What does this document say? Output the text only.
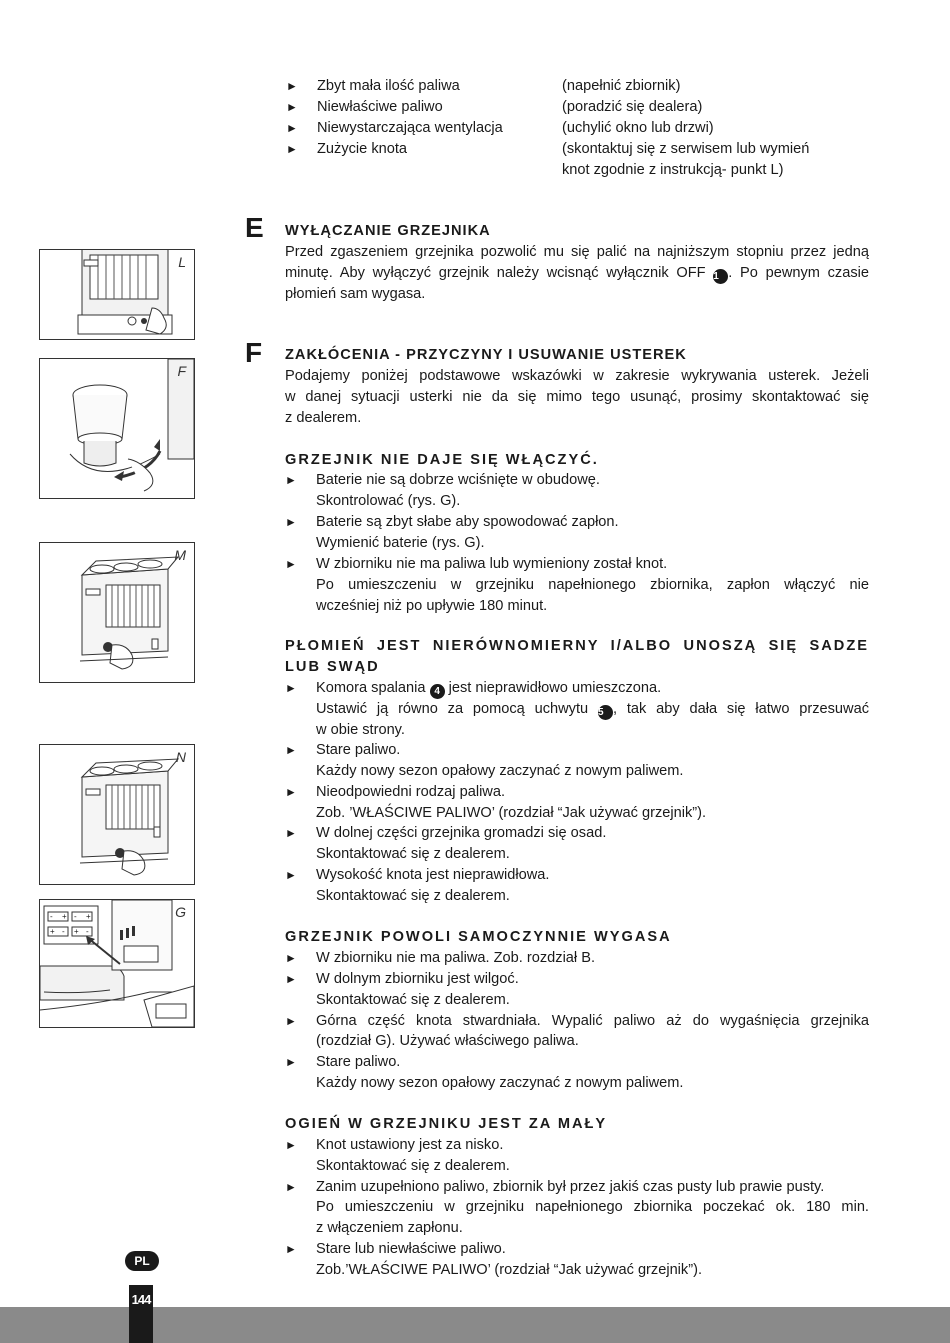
► Zbyt mała ilość paliwa	(napełnić zbiornik)
► Niewłaściwe paliwo	(poradzić się dealera)
► Niewystarczająca wentylacja	(uchylić okno lub drzwi)
► Zużycie knota	(skontaktuj się z serwisem lub wymień
knot zgodnie z instrukcją- punkt L)
E
F
WYŁĄCZANIE GRZEJNIKA
Przed zgaszeniem grzejnika pozwolić mu się palić na najniższym stopniu przez jedną
minutę. Aby wyłączyć grzejnik należy wcisnąć wyłącznik OFF 1 . Po pewnym czasie
płomień sam wygasa.
ZAKŁÓCENIA - PRZYCZYNY I USUWANIE USTEREK
Podajemy poniżej podstawowe wskazówki w zakresie wykrywania usterek. Jeżeli
w danej sytuacji usterki nie da się mimo tego usunąć, prosimy skontaktować się
z dealerem.
GRZEJNIK NIE DAJE SIĘ WŁĄCZYĆ.
► Baterie nie są dobrze wciśnięte w obudowę.
Skontrolować (rys. G).
► Baterie są zbyt słabe aby spowodować zapłon.
Wymienić baterie (rys. G).
► W zbiorniku nie ma paliwa lub wymieniony został knot.
Po umieszczeniu w grzejniku napełnionego zbiornika, zapłon włączyć nie
wcześniej niż po upływie 180 minut.
PŁOMIEŃ JEST NIERÓWNOMIERNY I/ALBO UNOSZĄ SIĘ SADZE
LUB SWĄD
► Komora spalania 4 jest nieprawidłowo umieszczona.
Ustawić ją równo za pomocą uchwytu 5 , tak aby dała się łatwo przesuwać
w obie strony.
► Stare paliwo.
Każdy nowy sezon opałowy zaczynać z nowym paliwem.
► Nieodpowiedni rodzaj paliwa.
Zob. ’WŁAŚCIWE PALIWO’ (rozdział “Jak używać grzejnik”).
► W dolnej części grzejnika gromadzi się osad.
Skontaktować się z dealerem.
► Wysokość knota jest nieprawidłowa.
Skontaktować się z dealerem.
GRZEJNIK POWOLI SAMOCZYNNIE WYGASA
► W zbiorniku nie ma paliwa. Zob. rozdział B.
► W dolnym zbiorniku jest wilgoć.
Skontaktować się z dealerem.
► Górna część knota stwardniała. Wypalić paliwo aż do wygaśnięcia grzejnika
(rozdział G). Używać właściwego paliwa.
► Stare paliwo.
Każdy nowy sezon opałowy zaczynać z nowym paliwem.
OGIEŃ W GRZEJNIKU JEST ZA MAŁY
► Knot ustawiony jest za nisko.
Skontaktować się z dealerem.
► Zanim uzupełniono paliwo, zbiornik był przez jakiś czas pusty lub prawie pusty.
Po umieszczeniu w grzejniku napełnionego zbiornika poczekać ok. 180 min.
z włączeniem zapłonu.
► Stare lub niewłaściwe paliwo.
Zob.’WŁAŚCIWE PALIWO’ (rozdział “Jak używać grzejnik”).
L
F
M
N
- + - +
+ - + -
G
144
PL
